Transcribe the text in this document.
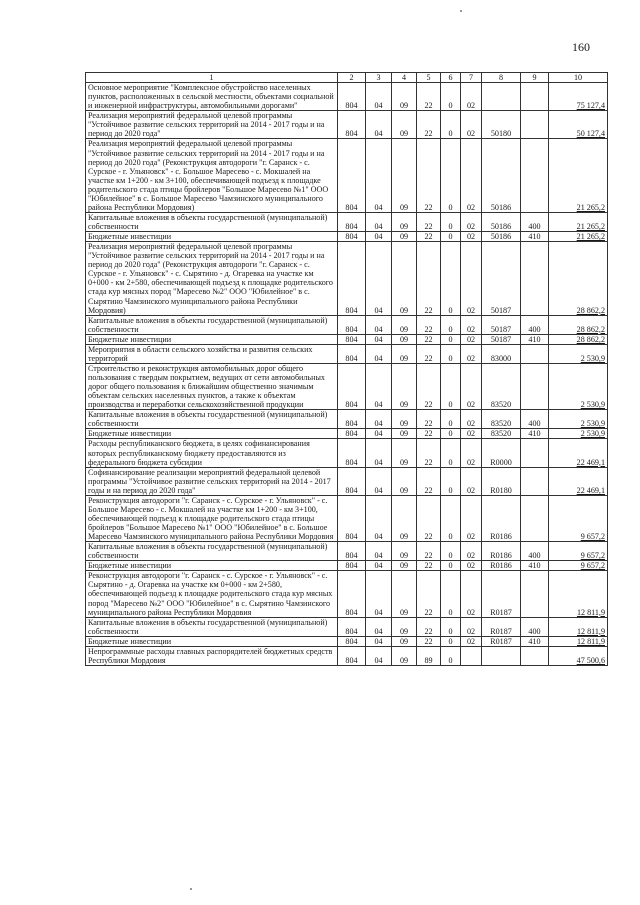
160
1	2	3	4	5	6	7	8	9	10
Основное мероприятие "Комплексное обустройство населенных пунктов, расположенных в сельской местности, объектами социальной и инженерной инфраструктуры, автомобильными дорогами"	804	04	09	22	0	02			75 127,4
Реализация мероприятий федеральной целевой программы "Устойчивое развитие сельских территорий на 2014 - 2017 годы и на период до 2020 года"	804	04	09	22	0	02	50180		50 127,4
Реализация мероприятий федеральной целевой программы "Устойчивое развитие сельских территорий на 2014 - 2017 годы и на период до 2020 года" (Реконструкция автодороги "г. Саранск - с. Сурское - г. Ульяновск" - с. Большое Маресево - с. Мокшалей на участке км 1+200 - км 3+100, обеспечивающей подъезд к площадке родительского стада птицы бройлеров "Большое Маресево №1" ООО "Юбилейное" в с. Большое Маресево Чамзинского муниципального района Республики Мордовия)	804	04	09	22	0	02	50186		21 265,2
Капитальные вложения в объекты государственной (муниципальной) собственности	804	04	09	22	0	02	50186	400	21 265,2
Бюджетные инвестиции	804	04	09	22	0	02	50186	410	21 265,2
Реализация мероприятий федеральной целевой программы "Устойчивое развитие сельских территорий на 2014 - 2017 годы и на период до 2020 года" (Реконструкция автодороги "г. Саранск - с. Сурское - г. Ульяновск" - с. Сырятино - д. Огаревка на участке км 0+000 - км 2+580, обеспечивающей подъезд к площадке родительского стада кур мясных пород "Маресево №2" ООО "Юбилейное" в с. Сырятино Чамзинского муниципального района Республики Мордовия)	804	04	09	22	0	02	50187		28 862,2
Капитальные вложения в объекты государственной (муниципальной) собственности	804	04	09	22	0	02	50187	400	28 862,2
Бюджетные инвестиции	804	04	09	22	0	02	50187	410	28 862,2
Мероприятия в области сельского хозяйства и развития сельских территорий	804	04	09	22	0	02	83000		2 530,9
Строительство и реконструкция автомобильных дорог общего пользования с твердым покрытием, ведущих от сети автомобильных дорог общего пользования к ближайшим общественно значимым объектам сельских населенных пунктов, а также к объектам производства и переработки сельскохозяйственной продукции	804	04	09	22	0	02	83520		2 530,9
Капитальные вложения в объекты государственной (муниципальной) собственности	804	04	09	22	0	02	83520	400	2 530,9
Бюджетные инвестиции	804	04	09	22	0	02	83520	410	2 530,9
Расходы республиканского бюджета, в целях софинансирования которых республиканскому бюджету предоставляются из федерального бюджета субсидии	804	04	09	22	0	02	R0000		22 469,1
Софинансирование реализации мероприятий федеральной целевой программы "Устойчивое развитие сельских территорий на 2014 - 2017 годы и на период до 2020 года"	804	04	09	22	0	02	R0180		22 469,1
Реконструкция автодороги "г. Саранск - с. Сурское - г. Ульяновск" - с. Большое Маресево - с. Мокшалей на участке км 1+200 - км 3+100, обеспечивающей подъезд к площадке родительского стада птицы бройлеров "Большое Маресево №1" ООО "Юбилейное" в с. Большое Маресево Чамзинского муниципального района Республики Мордовия	804	04	09	22	0	02	R0186		9 657,2
Капитальные вложения в объекты государственной (муниципальной) собственности	804	04	09	22	0	02	R0186	400	9 657,2
Бюджетные инвестиции	804	04	09	22	0	02	R0186	410	9 657,2
Реконструкция автодороги "г. Саранск - с. Сурское - г. Ульяновск" - с. Сырятино - д. Огаревка на участке км 0+000 - км 2+580, обеспечивающей подъезд к площадке родительского стада кур мясных пород "Маресево №2" ООО "Юбилейное" в с. Сырятино Чамзинского муниципального района Республики Мордовия	804	04	09	22	0	02	R0187		12 811,9
Капитальные вложения в объекты государственной (муниципальной) собственности	804	04	09	22	0	02	R0187	400	12 811,9
Бюджетные инвестиции	804	04	09	22	0	02	R0187	410	12 811,9
Непрограммные расходы главных распорядителей бюджетных средств Республики Мордовия	804	04	09	89	0				47 500,6
